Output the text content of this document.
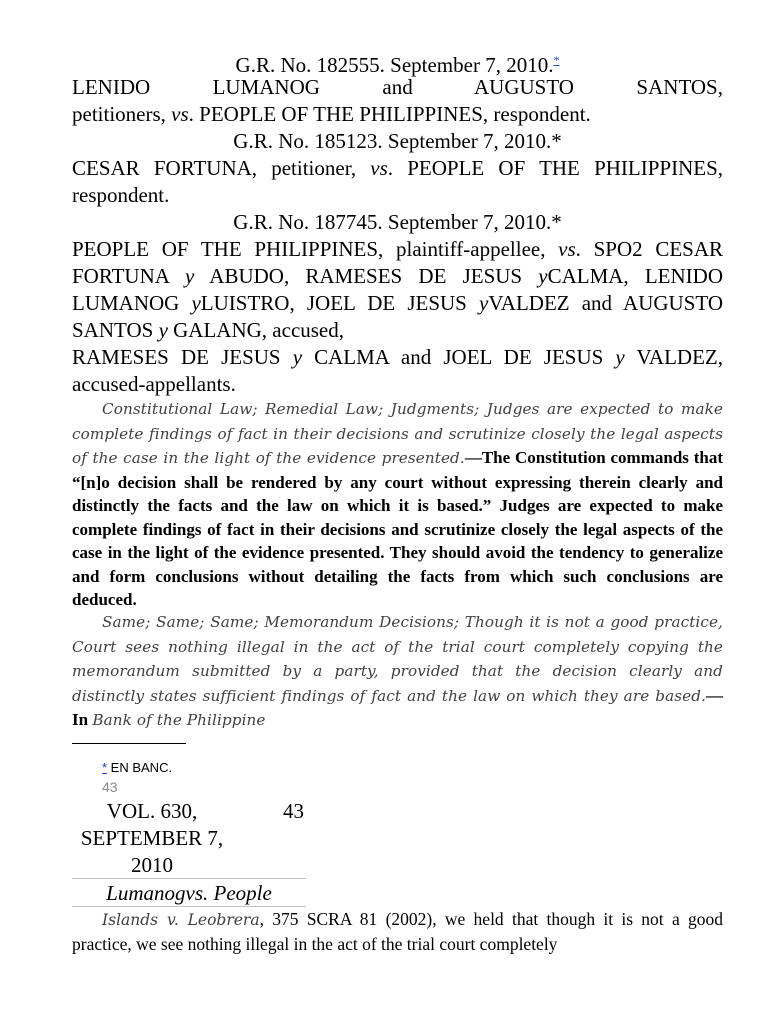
G.R. No. 182555. September 7, 2010.*
LENIDO LUMANOG and AUGUSTO SANTOS,
petitioners, vs. PEOPLE OF THE PHILIPPINES, respondent.
G.R. No. 185123. September 7, 2010.*
CESAR FORTUNA, petitioner, vs. PEOPLE OF THE PHILIPPINES, respondent.
G.R. No. 187745. September 7, 2010.*
PEOPLE OF THE PHILIPPINES, plaintiff-appellee, vs. SPO2 CESAR FORTUNA y ABUDO, RAMESES DE JESUS yCALMA, LENIDO LUMANOG yLUISTRO, JOEL DE JESUS yVALDEZ and AUGUSTO SANTOS y GALANG, accused,
RAMESES DE JESUS y CALMA and JOEL DE JESUS y VALDEZ, accused-appellants.
Constitutional Law; Remedial Law; Judgments; Judges are expected to make complete findings of fact in their decisions and scrutinize closely the legal aspects of the case in the light of the evidence presented.—The Constitution commands that “[n]o decision shall be rendered by any court without expressing therein clearly and distinctly the facts and the law on which it is based.” Judges are expected to make complete findings of fact in their decisions and scrutinize closely the legal aspects of the case in the light of the evidence presented. They should avoid the tendency to generalize and form conclusions without detailing the facts from which such conclusions are deduced.
Same; Same; Same; Memorandum Decisions; Though it is not a good practice, Court sees nothing illegal in the act of the trial court completely copying the memorandum submitted by a party, provided that the decision clearly and distinctly states sufficient findings of fact and the law on which they are based.—In Bank of the Philippine
* EN BANC.
43
VOL. 630,
SEPTEMBER 7,
2010
43
Lumanogvs. People
Islands v. Leobrera, 375 SCRA 81 (2002), we held that though it is not a good practice, we see nothing illegal in the act of the trial court completely
